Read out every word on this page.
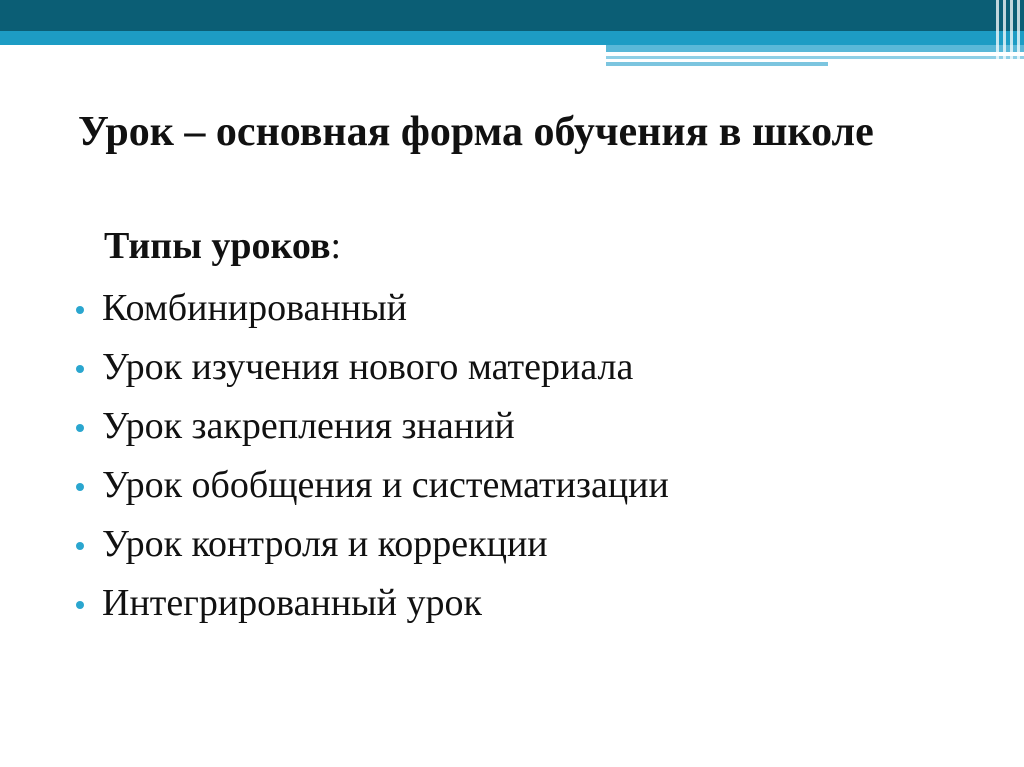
Урок – основная форма обучения в школе

Типы уроков:

Комбинированный
Урок изучения нового материала
Урок закрепления знаний
Урок обобщения и систематизации
Урок контроля и коррекции
Интегрированный урок
